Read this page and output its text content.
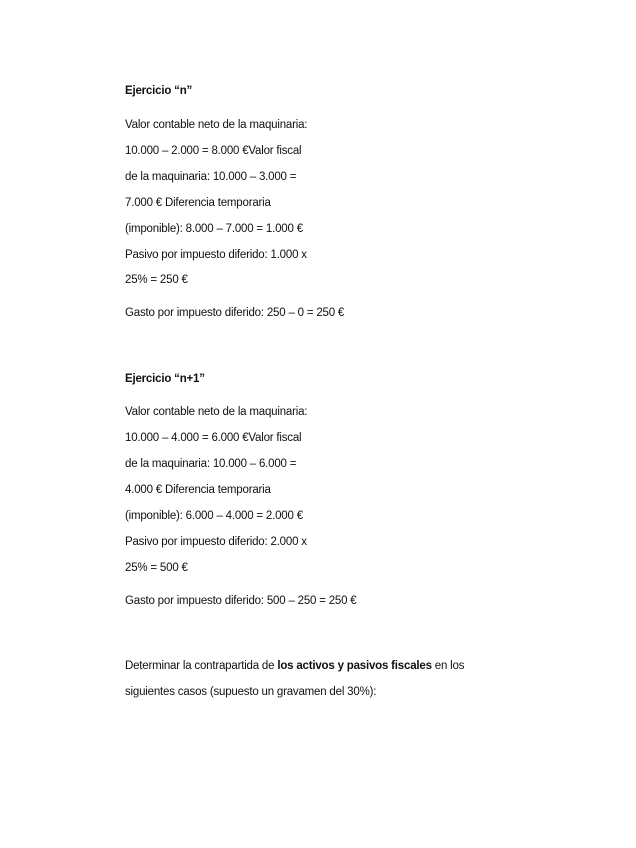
Ejercicio “n”
Valor contable neto de la maquinaria:
10.000 – 2.000 = 8.000 €Valor fiscal
de la maquinaria: 10.000 – 3.000 =
7.000 € Diferencia temporaria
(imponible): 8.000 – 7.000 = 1.000 €
Pasivo por impuesto diferido: 1.000 x
25% = 250 €
Gasto por impuesto diferido: 250 – 0 = 250 €
Ejercicio “n+1”
Valor contable neto de la maquinaria:
10.000 – 4.000 = 6.000 €Valor fiscal
de la maquinaria: 10.000 – 6.000 =
4.000 € Diferencia temporaria
(imponible): 6.000 – 4.000 = 2.000 €
Pasivo por impuesto diferido: 2.000 x
25% = 500 €
Gasto por impuesto diferido: 500 – 250 = 250 €
Determinar la contrapartida de los activos y pasivos fiscales en los
siguientes casos (supuesto un gravamen del 30%):
